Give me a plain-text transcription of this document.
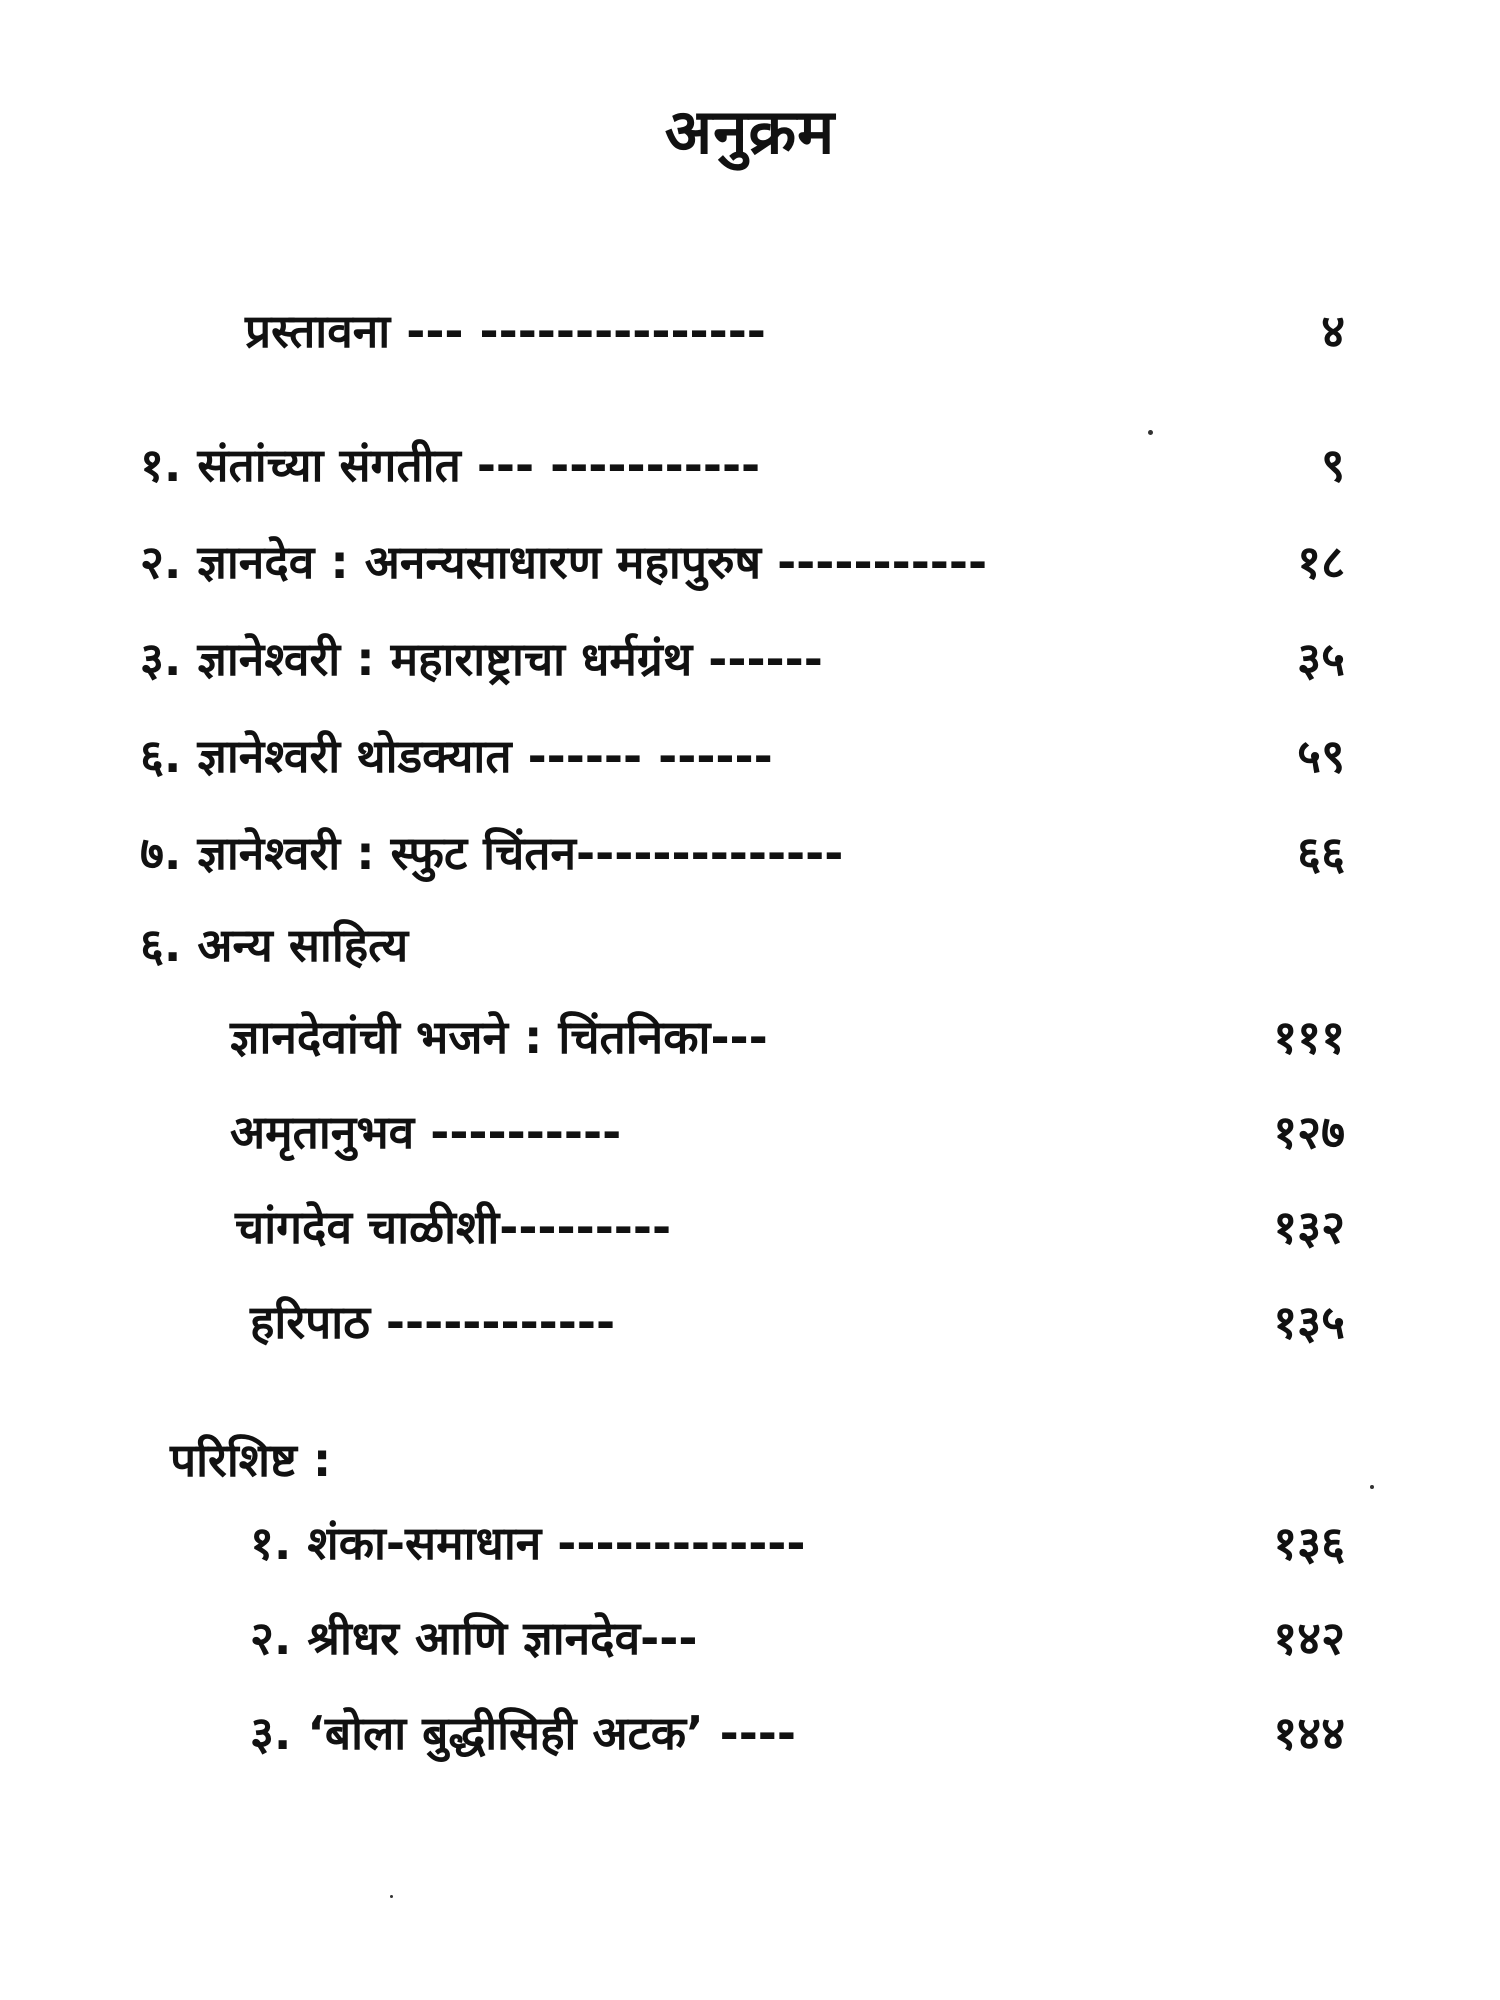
अनुक्रम
प्रस्तावना --- ---------------	४
१. संतांच्या संगतीत --- -----------	९
२. ज्ञानदेव : अनन्यसाधारण महापुरुष -----------	१८
३. ज्ञानेश्वरी : महाराष्ट्राचा धर्मग्रंथ ------	३५
६. ज्ञानेश्वरी थोडक्यात ------ ------	५९
७. ज्ञानेश्वरी : स्फुट चिंतन--------------	६६
६. अन्य साहित्य
ज्ञानदेवांची भजने : चिंतनिका---	१११
अमृतानुभव ----------	१२७
चांगदेव चाळीशी---------	१३२
हरिपाठ ------------	१३५
परिशिष्ट :
१. शंका-समाधान -------------	१३६
२. श्रीधर आणि ज्ञानदेव---	१४२
३. ‘बोला बुद्धीसिही अटक’ ----	१४४
